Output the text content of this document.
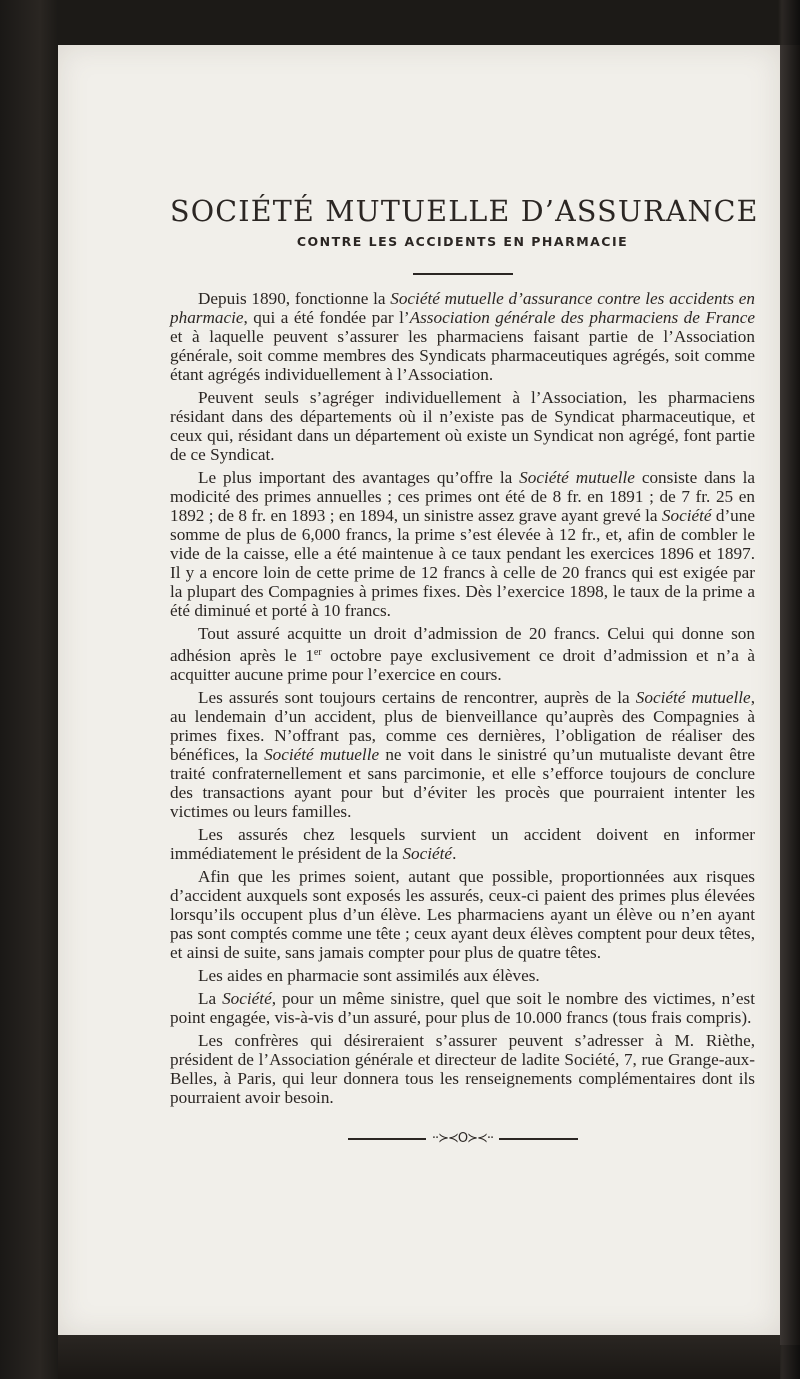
SOCIÉTÉ MUTUELLE D’ASSURANCE
CONTRE LES ACCIDENTS EN PHARMACIE

Depuis 1890, fonctionne la Société mutuelle d’assurance contre les accidents en pharmacie, qui a été fondée par l’Association générale des pharmaciens de France et à laquelle peuvent s’assurer les pharmaciens faisant partie de l’Association générale, soit comme membres des Syndicats pharmaceutiques agrégés, soit comme étant agrégés individuellement à l’Association.

Peuvent seuls s’agréger individuellement à l’Association, les pharmaciens résidant dans des départements où il n’existe pas de Syndicat pharmaceutique, et ceux qui, résidant dans un département où existe un Syndicat non agrégé, font partie de ce Syndicat.

Le plus important des avantages qu’offre la Société mutuelle consiste dans la modicité des primes annuelles ; ces primes ont été de 8 fr. en 1891 ; de 7 fr. 25 en 1892 ; de 8 fr. en 1893 ; en 1894, un sinistre assez grave ayant grevé la Société d’une somme de plus de 6,000 francs, la prime s’est élevée à 12 fr., et, afin de combler le vide de la caisse, elle a été maintenue à ce taux pendant les exercices 1896 et 1897. Il y a encore loin de cette prime de 12 francs à celle de 20 francs qui est exigée par la plupart des Compagnies à primes fixes. Dès l’exercice 1898, le taux de la prime a été diminué et porté à 10 francs.

Tout assuré acquitte un droit d’admission de 20 francs. Celui qui donne son adhésion après le 1er octobre paye exclusivement ce droit d’admission et n’a à acquitter aucune prime pour l’exercice en cours.

Les assurés sont toujours certains de rencontrer, auprès de la Société mutuelle, au lendemain d’un accident, plus de bienveillance qu’auprès des Compagnies à primes fixes. N’offrant pas, comme ces dernières, l’obligation de réaliser des bénéfices, la Société mutuelle ne voit dans le sinistré qu’un mutualiste devant être traité confraternellement et sans parcimonie, et elle s’efforce toujours de conclure des transactions ayant pour but d’éviter les procès que pourraient intenter les victimes ou leurs familles.

Les assurés chez lesquels survient un accident doivent en informer immédiatement le président de la Société.

Afin que les primes soient, autant que possible, proportionnées aux risques d’accident auxquels sont exposés les assurés, ceux-ci paient des primes plus élevées lorsqu’ils occupent plus d’un élève. Les pharmaciens ayant un élève ou n’en ayant pas sont comptés comme une tête ; ceux ayant deux élèves comptent pour deux têtes, et ainsi de suite, sans jamais compter pour plus de quatre têtes.

Les aides en pharmacie sont assimilés aux élèves.

La Société, pour un même sinistre, quel que soit le nombre des victimes, n’est point engagée, vis-à-vis d’un assuré, pour plus de 10.000 francs (tous frais compris).

Les confrères qui désireraient s’assurer peuvent s’adresser à M. Rièthe, président de l’Association générale et directeur de ladite Société, 7, rue Grange-aux-Belles, à Paris, qui leur donnera tous les renseignements complémentaires dont ils pourraient avoir besoin.

··≻≺O≻≺··
